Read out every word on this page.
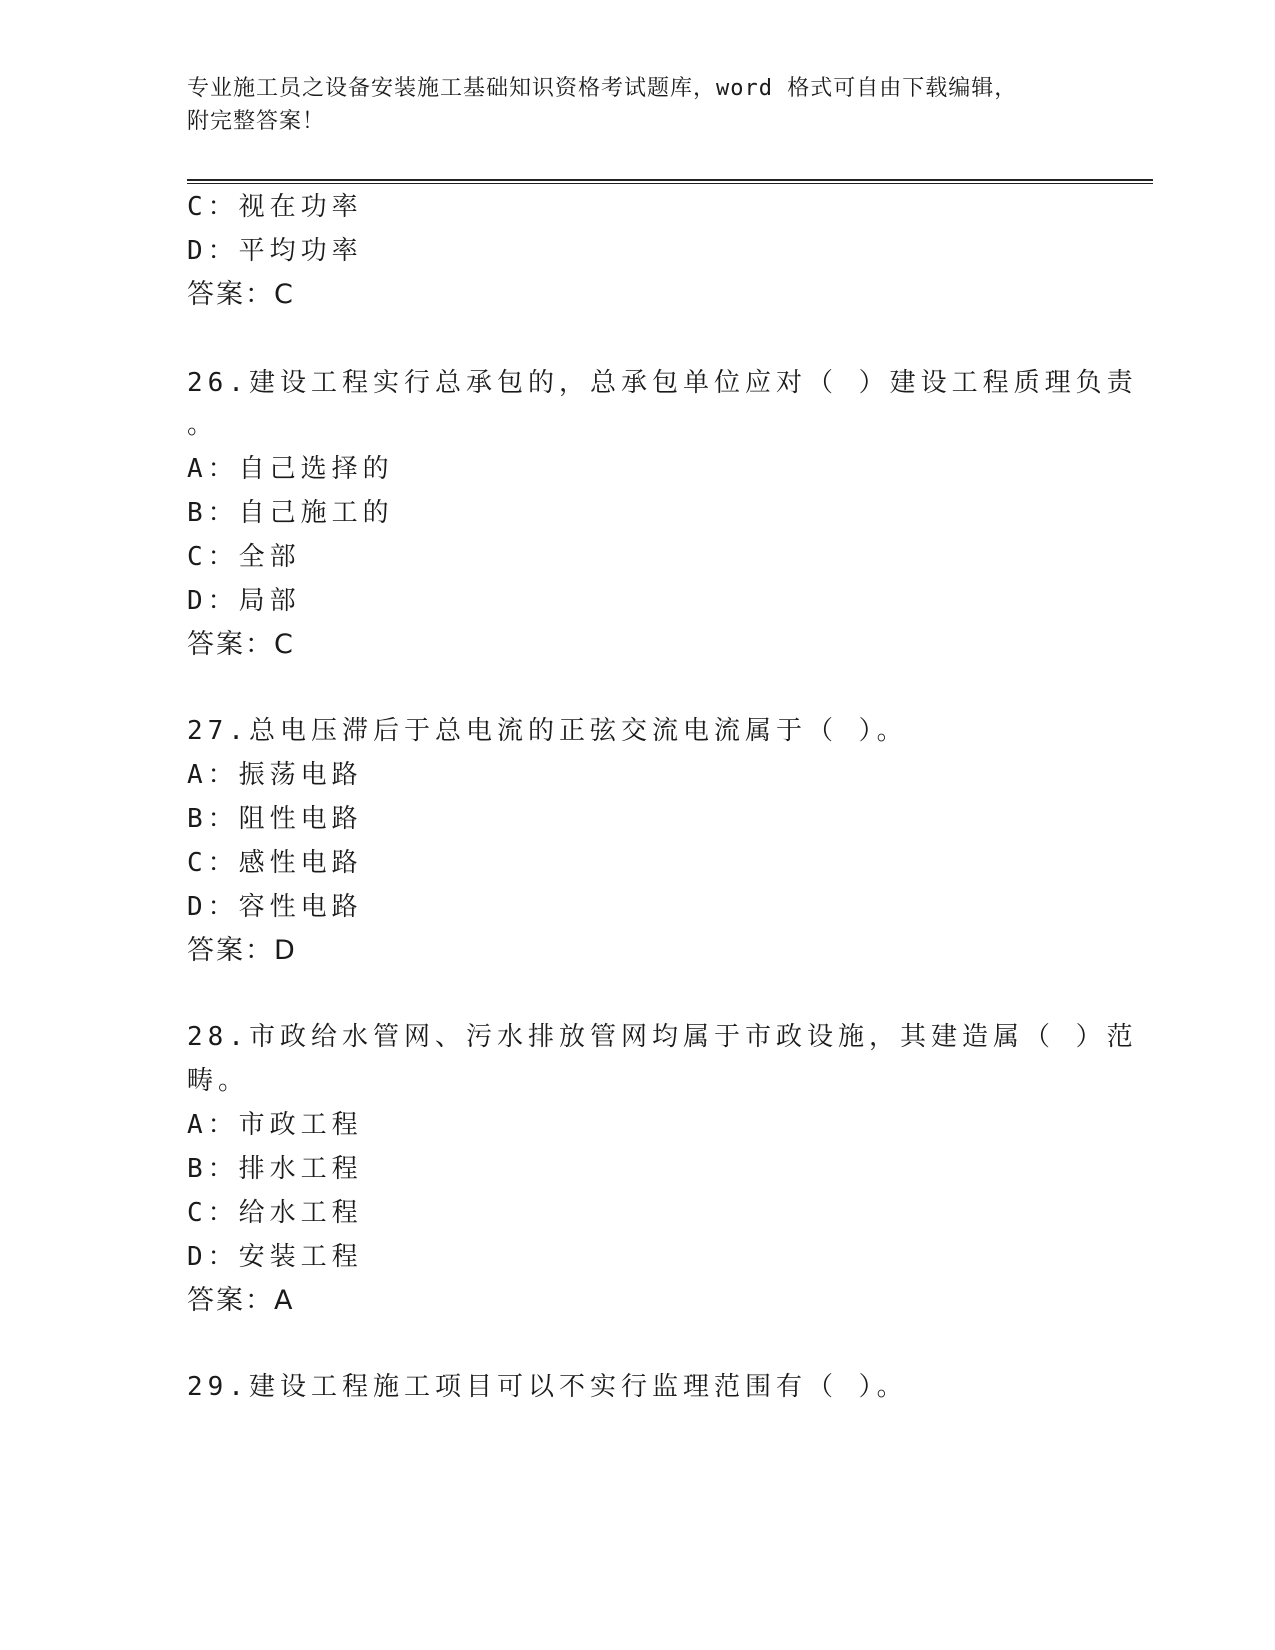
专业施工员之设备安装施工基础知识资格考试题库，word 格式可自由下载编辑，
附完整答案！
C：视在功率
D：平均功率
答案：C
26.建设工程实行总承包的，总承包单位应对（ ）建设工程质理负责
。
A：自己选择的
B：自己施工的
C：全部
D：局部
答案：C
27.总电压滞后于总电流的正弦交流电流属于（ ）。
A：振荡电路
B：阻性电路
C：感性电路
D：容性电路
答案：D
28.市政给水管网、污水排放管网均属于市政设施，其建造属（ ）范
畴。
A：市政工程
B：排水工程
C：给水工程
D：安装工程
答案：A
29.建设工程施工项目可以不实行监理范围有（ ）。
